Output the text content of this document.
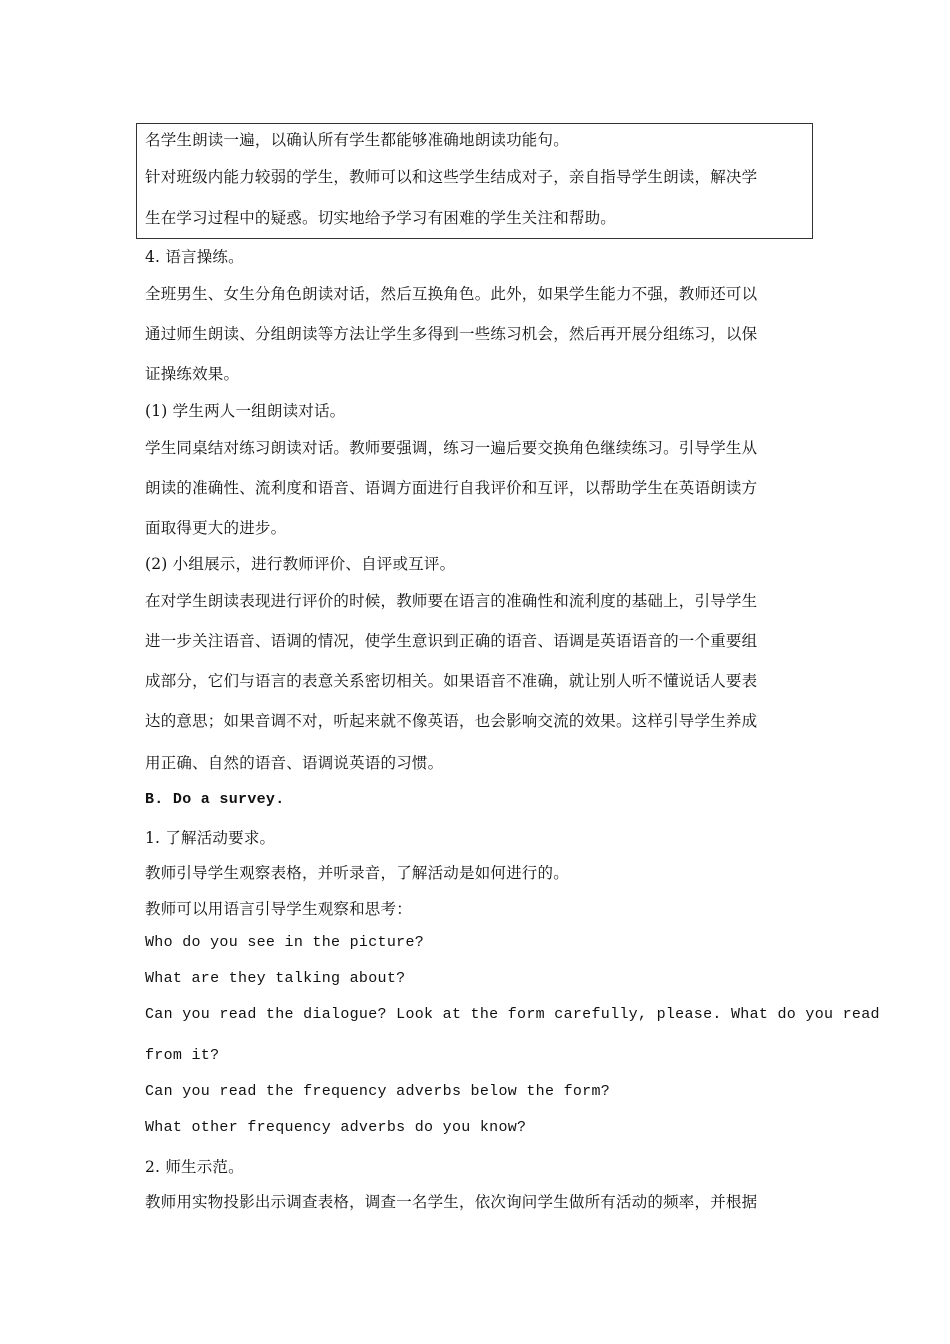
名学生朗读一遍，以确认所有学生都能够准确地朗读功能句。
针对班级内能力较弱的学生，教师可以和这些学生结成对子，亲自指导学生朗读，解决学
生在学习过程中的疑惑。切实地给予学习有困难的学生关注和帮助。
4. 语言操练。
全班男生、女生分角色朗读对话，然后互换角色。此外，如果学生能力不强，教师还可以
通过师生朗读、分组朗读等方法让学生多得到一些练习机会，然后再开展分组练习，以保
证操练效果。
(1) 学生两人一组朗读对话。
学生同桌结对练习朗读对话。教师要强调，练习一遍后要交换角色继续练习。引导学生从
朗读的准确性、流利度和语音、语调方面进行自我评价和互评，以帮助学生在英语朗读方
面取得更大的进步。
(2) 小组展示，进行教师评价、自评或互评。
在对学生朗读表现进行评价的时候，教师要在语言的准确性和流利度的基础上，引导学生
进一步关注语音、语调的情况，使学生意识到正确的语音、语调是英语语音的一个重要组
成部分，它们与语言的表意关系密切相关。如果语音不准确，就让别人听不懂说话人要表
达的意思；如果音调不对，听起来就不像英语，也会影响交流的效果。这样引导学生养成
用正确、自然的语音、语调说英语的习惯。
B. Do a survey.
1. 了解活动要求。
教师引导学生观察表格，并听录音，了解活动是如何进行的。
教师可以用语言引导学生观察和思考：
Who do you see in the picture?
What are they talking about?
Can you read the dialogue? Look at the form carefully, please. What do you read
from it?
Can you read the frequency adverbs below the form?
What other frequency adverbs do you know?
2. 师生示范。
教师用实物投影出示调查表格，调查一名学生，依次询问学生做所有活动的频率，并根据
